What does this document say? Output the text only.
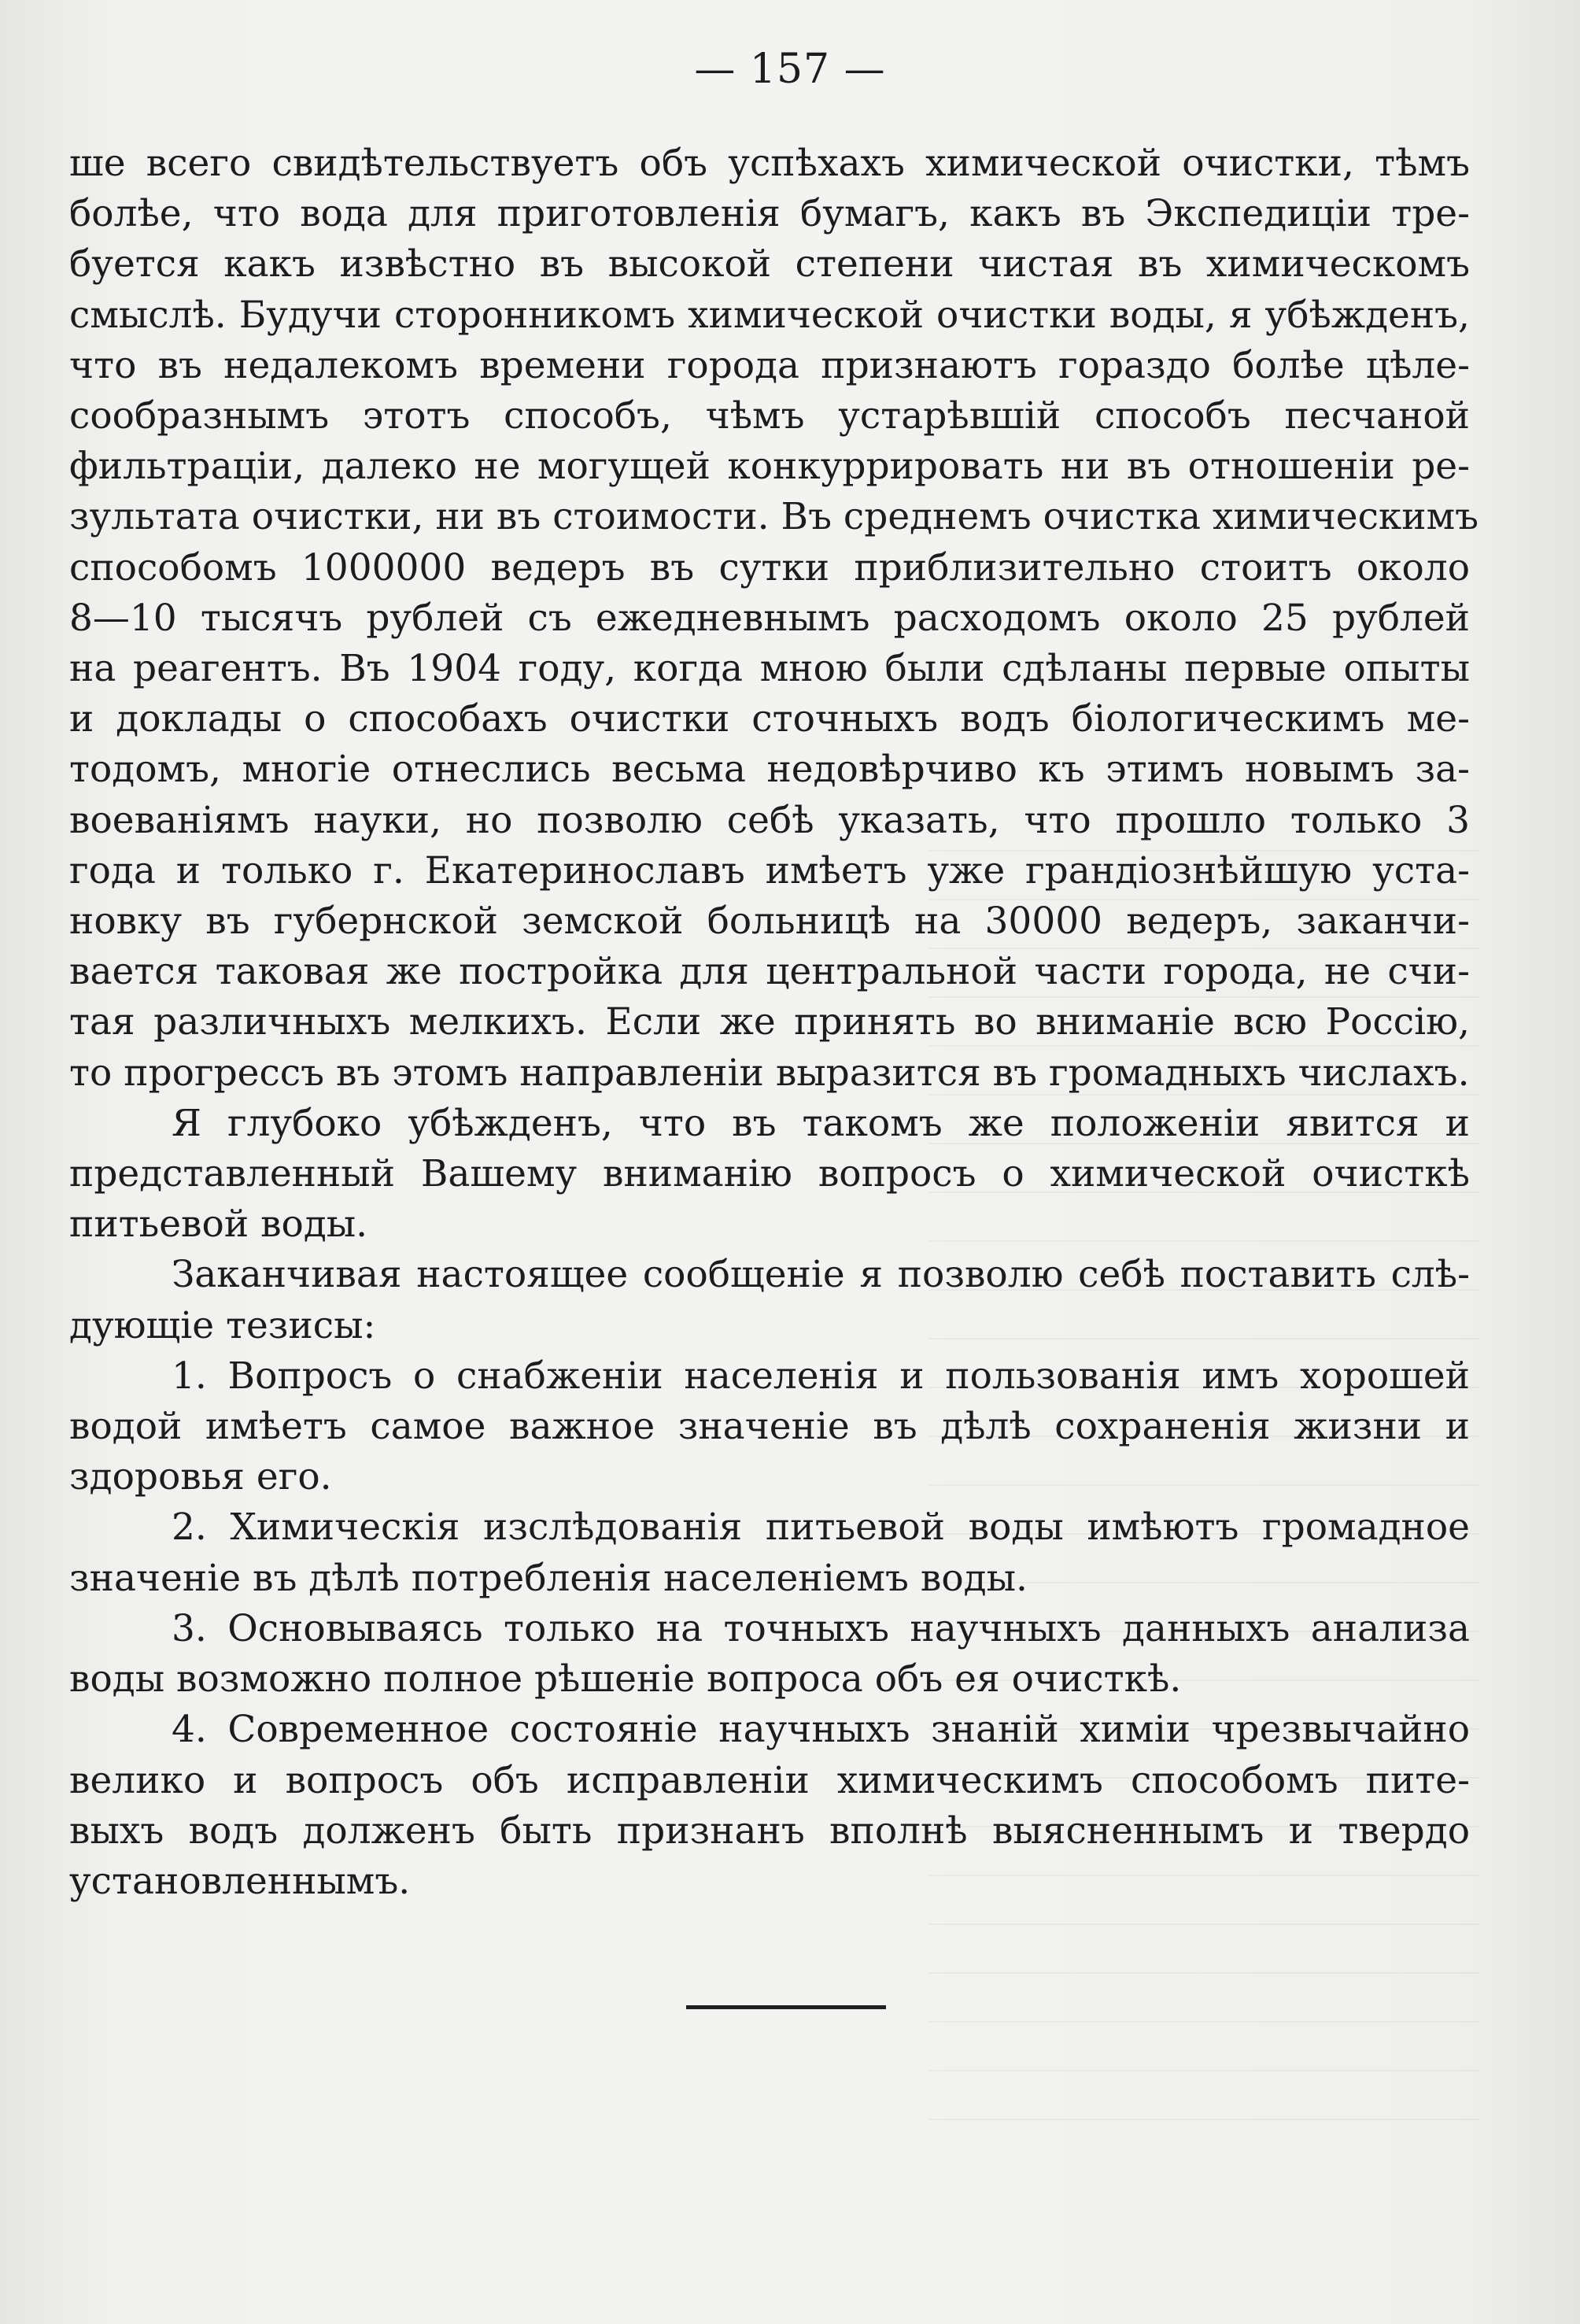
— 157 —
ше всего свидѣтельствуетъ объ успѣхахъ химической очистки, тѣмъ
болѣе, что вода для приготовленія бумагъ, какъ въ Экспедиціи тре-
буется какъ извѣстно въ высокой степени чистая въ химическомъ
смыслѣ. Будучи сторонникомъ химической очистки воды, я убѣжденъ,
что въ недалекомъ времени города признаютъ гораздо болѣе цѣле-
сообразнымъ этотъ способъ, чѣмъ устарѣвшій способъ песчаной
фильтраціи, далеко не могущей конкуррировать ни въ отношеніи ре-
зультата очистки, ни въ стоимости. Въ среднемъ очистка химическимъ
способомъ 1000000 ведеръ въ сутки приблизительно стоитъ около
8—10 тысячъ рублей съ ежедневнымъ расходомъ около 25 рублей
на реагентъ. Въ 1904 году, когда мною были сдѣланы первые опыты
и доклады о способахъ очистки сточныхъ водъ біологическимъ ме-
тодомъ, многіе отнеслись весьма недовѣрчиво къ этимъ новымъ за-
воеваніямъ науки, но позволю себѣ указать, что прошло только 3
года и только г. Екатеринославъ имѣетъ уже грандіознѣйшую уста-
новку въ губернской земской больницѣ на 30000 ведеръ, заканчи-
вается таковая же постройка для центральной части города, не счи-
тая различныхъ мелкихъ. Если же принять во вниманіе всю Россію,
то прогрессъ въ этомъ направленіи выразится въ громадныхъ числахъ.
Я глубоко убѣжденъ, что въ такомъ же положеніи явится и
представленный Вашему вниманію вопросъ о химической очисткѣ
питьевой воды.
Заканчивая настоящее сообщеніе я позволю себѣ поставить слѣ-
дующіе тезисы:
1. Вопросъ о снабженіи населенія и пользованія имъ хорошей
водой имѣетъ самое важное значеніе въ дѣлѣ сохраненія жизни и
здоровья его.
2. Химическія изслѣдованія питьевой воды имѣютъ громадное
значеніе въ дѣлѣ потребленія населеніемъ воды.
3. Основываясь только на точныхъ научныхъ данныхъ анализа
воды возможно полное рѣшеніе вопроса объ ея очисткѣ.
4. Современное состояніе научныхъ знаній химіи чрезвычайно
велико и вопросъ объ исправленіи химическимъ способомъ пите-
выхъ водъ долженъ быть признанъ вполнѣ выясненнымъ и твердо
установленнымъ.
